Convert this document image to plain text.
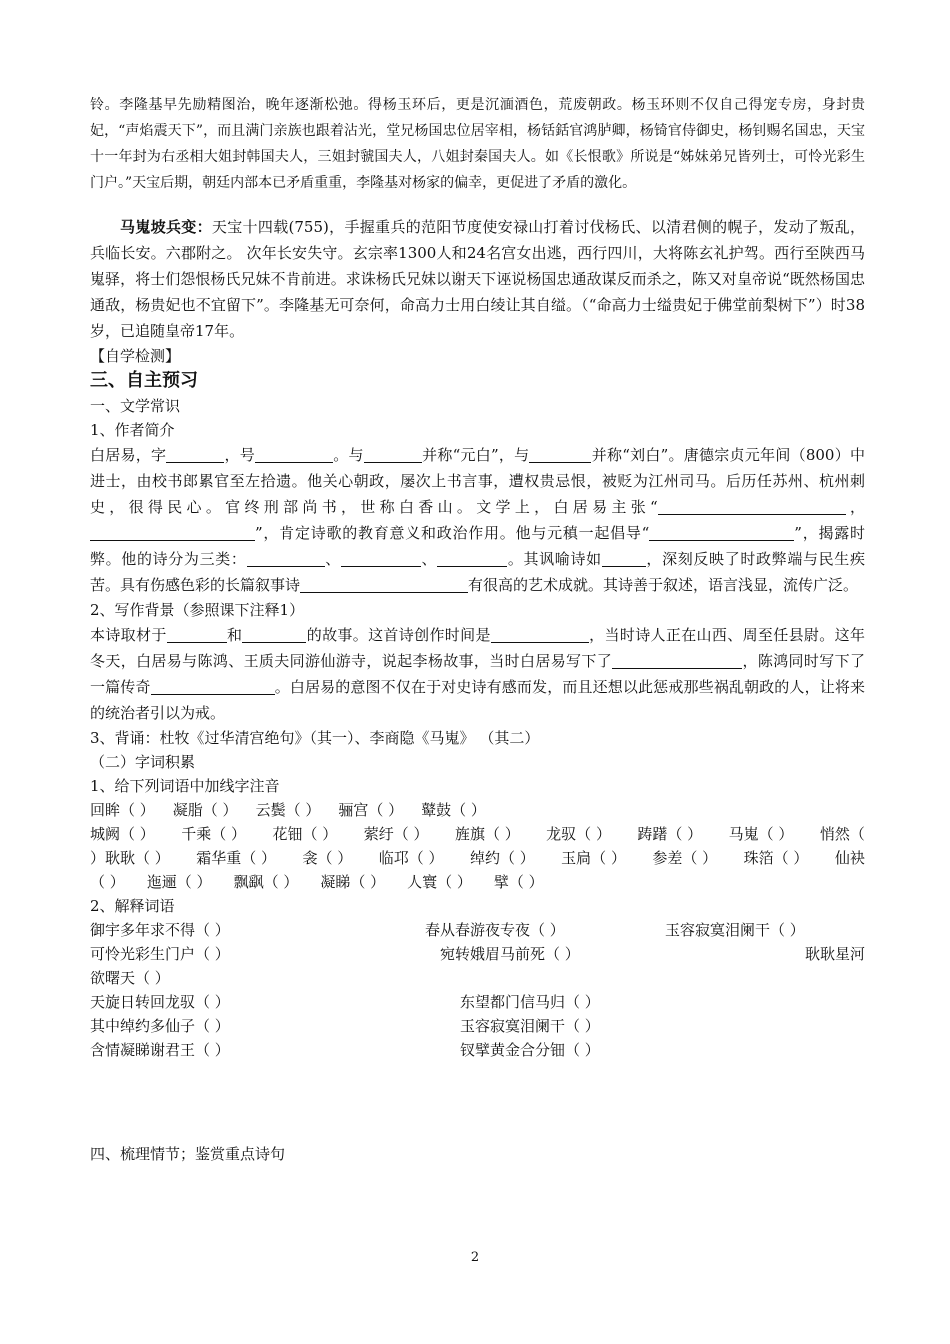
铃。李隆基早先励精图治，晚年逐渐松弛。得杨玉环后，更是沉湎酒色，荒废朝政。杨玉环则不仅自己得宠专房，身封贵妃，“声焰震天下”，而且满门亲族也跟着沾光，堂兄杨国忠位居宰相，杨铦銛官鸿胪卿，杨锜官侍御史，杨钊赐名国忠，天宝十一年封为右丞相大姐封韩国夫人，三姐封虢国夫人，八姐封秦国夫人。如《长恨歌》所说是“姊妹弟兄皆列士，可怜光彩生门户。”天宝后期，朝廷内部本已矛盾重重，李隆基对杨家的偏幸，更促进了矛盾的激化。

马嵬坡兵变：天宝十四载(755)，手握重兵的范阳节度使安禄山打着讨伐杨氏、以清君侧的幌子，发动了叛乱，兵临长安。六郡附之。 次年长安失守。玄宗率1300人和24名宫女出逃，西行四川，大将陈玄礼护驾。西行至陕西马嵬驿，将士们怨恨杨氏兄妹不肯前进。求诛杨氏兄妹以谢天下诬说杨国忠通敌谋反而杀之，陈又对皇帝说“既然杨国忠通敌，杨贵妃也不宜留下”。李隆基无可奈何，命高力士用白绫让其自缢。（“命高力士缢贵妃于佛堂前梨树下”）时38岁，已追随皇帝17年。

【自学检测】

三、自主预习

一、文学常识

1、作者简介

白居易，字	，号	。与	并称“元白”，与	并称“刘白”。唐德宗贞元年间（800）中进士，由校书郎累官至左拾遗。他关心朝政，屡次上书言事，遭权贵忌恨，被贬为江州司马。后历任苏州、杭州刺史，很得民心。官终刑部尚书，世称白香山。文学上，白居易主张“	，”，肯定诗歌的教育意义和政治作用。他与元稹一起倡导“	”，揭露时弊。他的诗分为三类：	、	、	。其讽喻诗如	，深刻反映了时政弊端与民生疾苦。具有伤感色彩的长篇叙事诗	有很高的艺术成就。其诗善于叙述，语言浅显，流传广泛。

2、写作背景（参照课下注释1）

本诗取材于	和	的故事。这首诗创作时间是	，当时诗人正在山西、周至任县尉。这年冬天，白居易与陈鸿、王质夫同游仙游寺，说起李杨故事，当时白居易写下了	，陈鸿同时写下了一篇传奇	。白居易的意图不仅在于对史诗有感而发，而且还想以此惩戒那些祸乱朝政的人，让将来的统治者引以为戒。

3、背诵：杜牧《过华清宫绝句》（其一）、李商隐《马嵬》 （其二）

（二）字词积累

1、给下列词语中加线字注音

回眸（ ） 凝脂（ ） 云鬓（ ） 骊宫（ ） 鼙鼓（ ）
城阙（ ） 千乘（ ） 花钿（ ） 萦纡（ ） 旌旗（ ） 龙驭（ ） 踌躇（ ） 马嵬（ ） 悄然（
）耿耿（ ） 霜华重（ ） 衾（ ） 临邛（ ） 绰约（ ） 玉扃（ ） 参差（ ） 珠箔（ ） 仙袂
（ ） 迤逦（ ） 飘飖（ ） 凝睇（ ） 人寰（ ） 擘（ ）

2、解释词语

御宇多年求不得（ ）	春从春游夜专夜（ ）	玉容寂寞泪阑干（ ）
可怜光彩生门户（ ）	宛转娥眉马前死（ ）	耿耿星河
欲曙天（ ）
天旋日转回龙驭（ ）	东望都门信马归（ ）
其中绰约多仙子（ ）	玉容寂寞泪阑干（ ）
含情凝睇谢君王（ ）	钗擘黄金合分钿（ ）

四、梳理情节；鉴赏重点诗句

2
